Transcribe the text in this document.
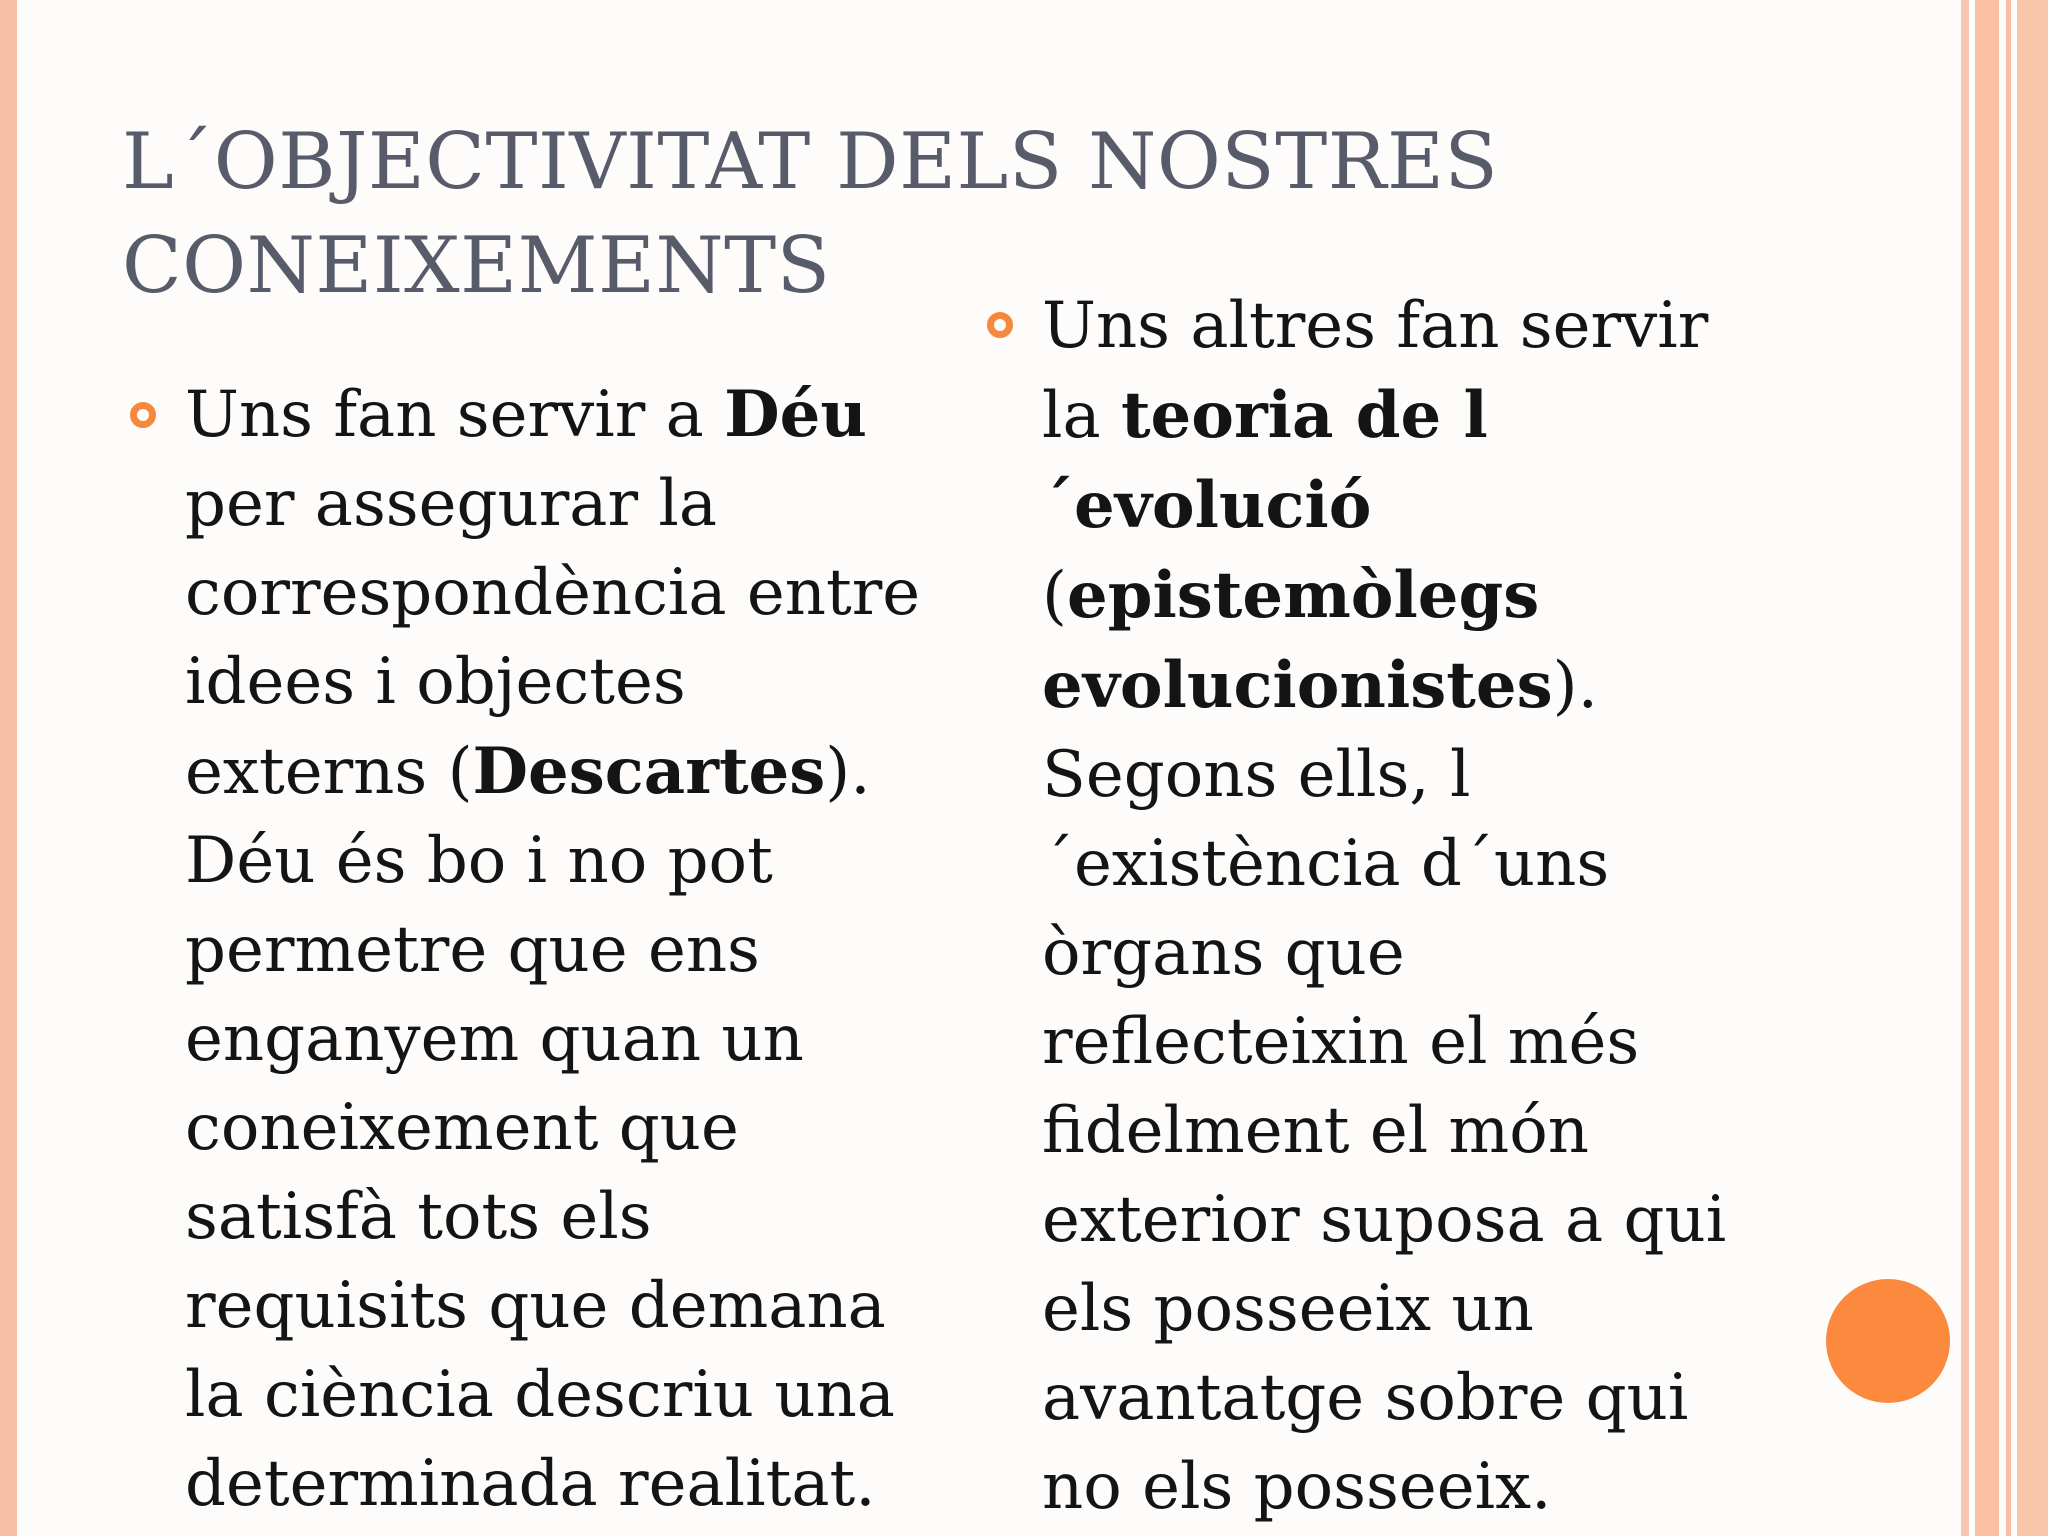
L´OBJECTIVITAT DELS NOSTRES
CONEIXEMENTS
Uns fan servir a Déu
per assegurar la
correspondència entre
idees i objectes
externs (Descartes).
Déu és bo i no pot
permetre que ens
enganyem quan un
coneixement que
satisfà tots els
requisits que demana
la ciència descriu una
determinada realitat.
Uns altres fan servir
la teoria de l
´evolució
(epistemòlegs
evolucionistes).
Segons ells, l
´existència d´uns
òrgans que
reflecteixin el més
fidelment el món
exterior suposa a qui
els posseeix un
avantatge sobre qui
no els posseeix.
